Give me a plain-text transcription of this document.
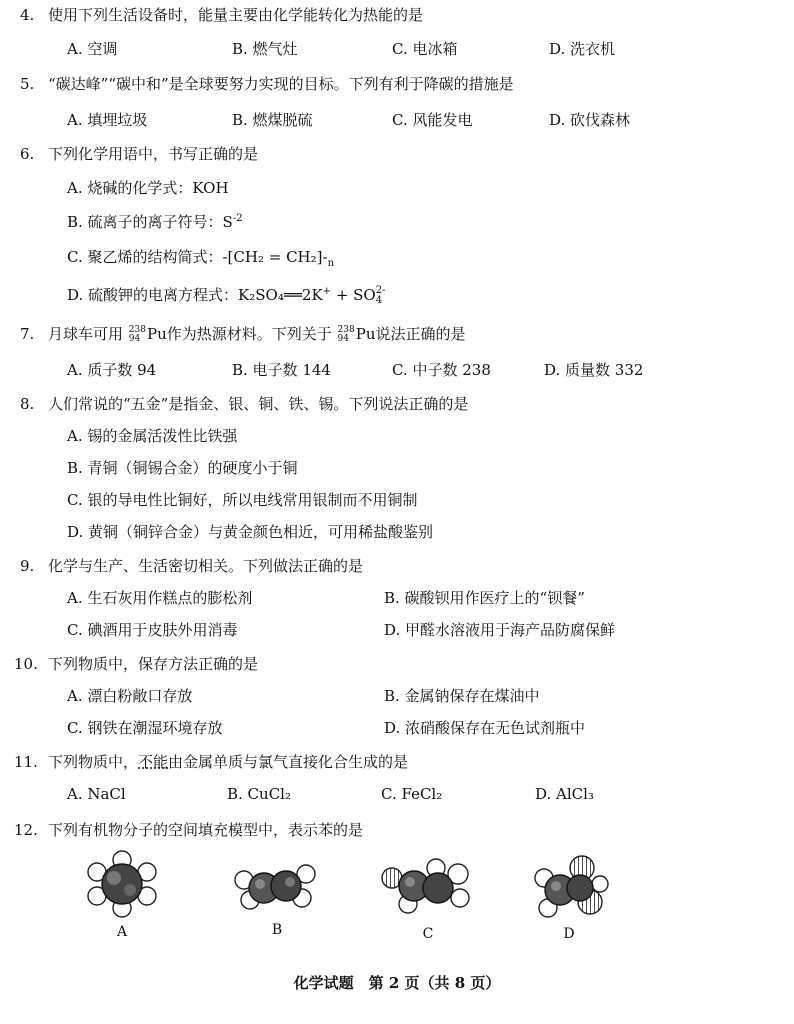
4. 使用下列生活设备时，能量主要由化学能转化为热能的是
A. 空调	B. 燃气灶	C. 电冰箱	D. 洗衣机
5. “碳达峰”“碳中和”是全球要努力实现的目标。下列有利于降碳的措施是
A. 填埋垃圾	B. 燃煤脱硫	C. 风能发电	D. 砍伐森林
6. 下列化学用语中，书写正确的是
A. 烧碱的化学式：KOH
B. 硫离子的离子符号：$S^{-2}$
C. 聚乙烯的结构简式：$-[CH_2 = CH_2]-_n$
D. 硫酸钾的电离方程式：K₂SO₄══2K+ + SO 2-
4
7. 月球车可用 238
94 Pu作为热源材料。下列关于 238
94 Pu说法正确的是
A. 质子数 94	B. 电子数 144	C. 中子数 238	D. 质量数 332
8. 人们常说的“五金”是指金、银、铜、铁、锡。下列说法正确的是
A. 锡的金属活泼性比铁强
B. 青铜（铜锡合金）的硬度小于铜
C. 银的导电性比铜好，所以电线常用银制而不用铜制
D. 黄铜（铜锌合金）与黄金颜色相近，可用稀盐酸鉴别
9. 化学与生产、生活密切相关。下列做法正确的是
A. 生石灰用作糕点的膨松剂	B. 碳酸钡用作医疗上的“钡餐”
C. 碘酒用于皮肤外用消毒	D. 甲醛水溶液用于海产品防腐保鲜
10. 下列物质中，保存方法正确的是
A. 漂白粉敞口存放	B. 金属钠保存在煤油中
C. 钢铁在潮湿环境存放	D. 浓硝酸保存在无色试剂瓶中
11. 下列物质中，不能由金属单质与氯气直接化合生成的是
A. NaCl	B. CuCl₂	C. FeCl₂	D. AlCl₃
12. 下列有机物分子的空间填充模型中，表示苯的是
A	B	C	D
化学试题　第 2 页（共 8 页）
